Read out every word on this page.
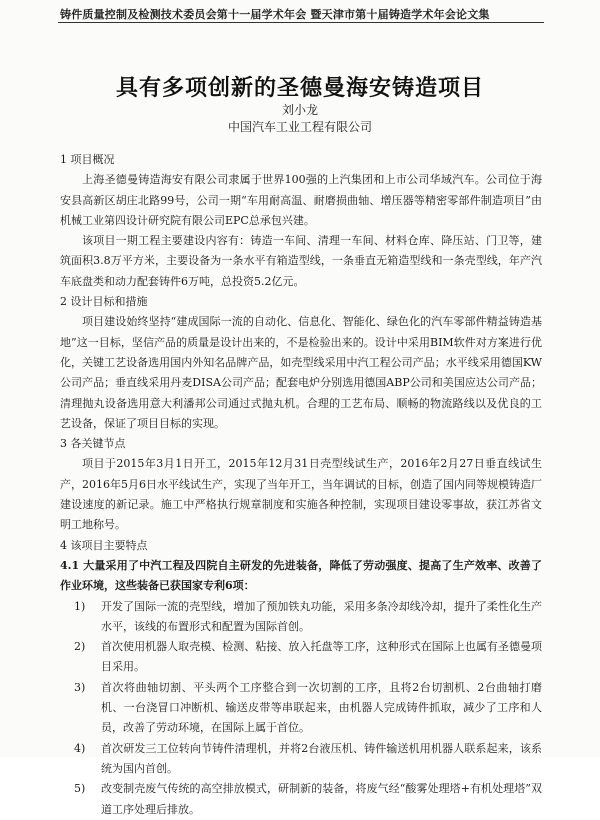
铸件质量控制及检测技术委员会第十一届学术年会 暨天津市第十届铸造学术年会论文集
具有多项创新的圣德曼海安铸造项目
刘小龙
中国汽车工业工程有限公司
1 项目概况

上海圣德曼铸造海安有限公司隶属于世界100强的上汽集团和上市公司华域汽车。公司位于海安县高新区胡庄北路99号，公司一期“车用耐高温、耐磨损曲轴、增压器等精密零部件制造项目”由机械工业第四设计研究院有限公司EPC总承包兴建。

该项目一期工程主要建设内容有：铸造一车间、清理一车间、材料仓库、降压站、门卫等，建筑面积3.8万平方米，主要设备为一条水平有箱造型线，一条垂直无箱造型线和一条壳型线，年产汽车底盘类和动力配套铸件6万吨，总投资5.2亿元。

2 设计目标和措施

项目建设始终坚持“建成国际一流的自动化、信息化、智能化、绿色化的汽车零部件精益铸造基地”这一目标，坚信产品的质量是设计出来的，不是检验出来的。设计中采用BIM软件对方案进行优化，关键工艺设备选用国内外知名品牌产品，如壳型线采用中汽工程公司产品；水平线采用德国KW公司产品；垂直线采用丹麦DISA公司产品；配套电炉分别选用德国ABP公司和美国应达公司产品；清理抛丸设备选用意大利潘邦公司通过式抛丸机。合理的工艺布局、顺畅的物流路线以及优良的工艺设备，保证了项目目标的实现。

3 各关键节点

项目于2015年3月1日开工，2015年12月31日壳型线试生产，2016年2月27日垂直线试生产，2016年5月6日水平线试生产，实现了当年开工，当年调试的目标，创造了国内同等规模铸造厂建设速度的新记录。施工中严格执行规章制度和实施各种控制，实现项目建设零事故，获江苏省文明工地称号。

4 该项目主要特点

4.1 大量采用了中汽工程及四院自主研发的先进装备，降低了劳动强度、提高了生产效率、改善了作业环境，这些装备已获国家专利6项：

1)	开发了国际一流的壳型线，增加了预加铁丸功能，采用多条冷却线冷却，提升了柔性化生产水平，该线的布置形式和配置为国际首创。
2)	首次使用机器人取壳模、检测、粘接、放入托盘等工序，这种形式在国际上也属有圣德曼项目采用。
3)	首次将曲轴切割、平头两个工序整合到一次切割的工序，且将2台切割机、2台曲轴打磨机、一台浇冒口冲断机、输送皮带等串联起来，由机器人完成铸件抓取，减少了工序和人员，改善了劳动环境，在国际上属于首位。
4)	首次研发三工位转向节铸件清理机，并将2台液压机、铸件输送机用机器人联系起来，该系统为国内首创。
5)	改变制壳废气传统的高空排放模式，研制新的装备，将废气经“酸雾处理塔+有机处理塔”双道工序处理后排放。
